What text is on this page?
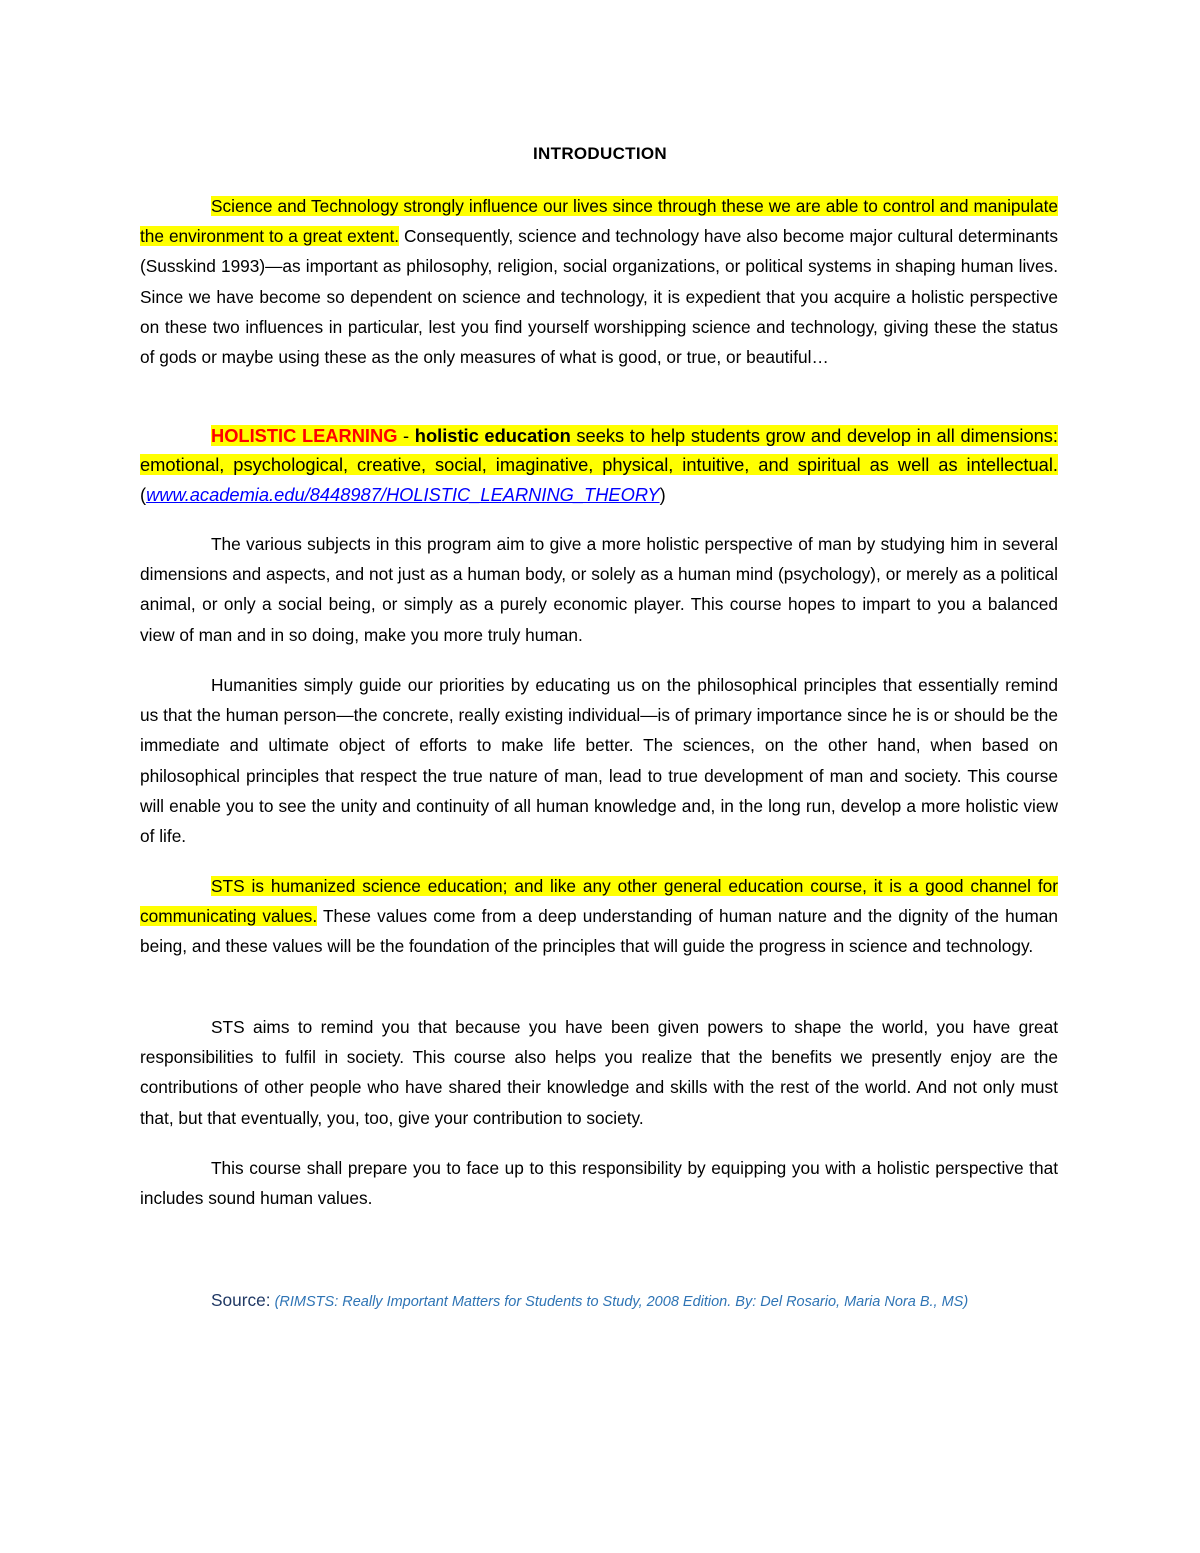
INTRODUCTION

Science and Technology strongly influence our lives since through these we are able to control and manipulate the environment to a great extent. Consequently, science and technology have also become major cultural determinants (Susskind 1993)—as important as philosophy, religion, social organizations, or political systems in shaping human lives. Since we have become so dependent on science and technology, it is expedient that you acquire a holistic perspective on these two influences in particular, lest you find yourself worshipping science and technology, giving these the status of gods or maybe using these as the only measures of what is good, or true, or beautiful…

HOLISTIC LEARNING - holistic education seeks to help students grow and develop in all dimensions: emotional, psychological, creative, social, imaginative, physical, intuitive, and spiritual as well as intellectual. (www.academia.edu/8448987/HOLISTIC_LEARNING_THEORY)

The various subjects in this program aim to give a more holistic perspective of man by studying him in several dimensions and aspects, and not just as a human body, or solely as a human mind (psychology), or merely as a political animal, or only a social being, or simply as a purely economic player. This course hopes to impart to you a balanced view of man and in so doing, make you more truly human.

Humanities simply guide our priorities by educating us on the philosophical principles that essentially remind us that the human person—the concrete, really existing individual—is of primary importance since he is or should be the immediate and ultimate object of efforts to make life better. The sciences, on the other hand, when based on philosophical principles that respect the true nature of man, lead to true development of man and society. This course will enable you to see the unity and continuity of all human knowledge and, in the long run, develop a more holistic view of life.

STS is humanized science education; and like any other general education course, it is a good channel for communicating values. These values come from a deep understanding of human nature and the dignity of the human being, and these values will be the foundation of the principles that will guide the progress in science and technology.

STS aims to remind you that because you have been given powers to shape the world, you have great responsibilities to fulfil in society. This course also helps you realize that the benefits we presently enjoy are the contributions of other people who have shared their knowledge and skills with the rest of the world. And not only must that, but that eventually, you, too, give your contribution to society.

This course shall prepare you to face up to this responsibility by equipping you with a holistic perspective that includes sound human values.

Source: (RIMSTS: Really Important Matters for Students to Study, 2008 Edition. By: Del Rosario, Maria Nora B., MS)
